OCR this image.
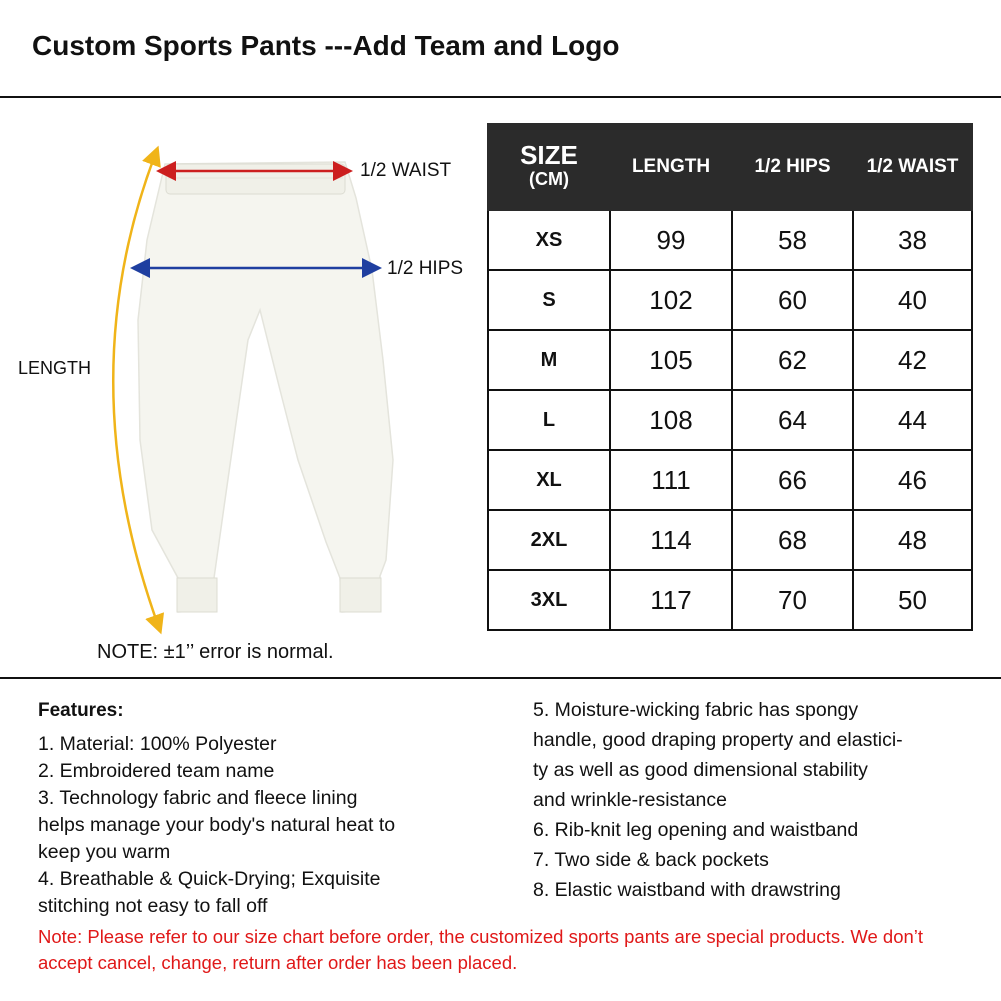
Custom Sports Pants ---Add Team and Logo
1/2 WAIST
1/2 HIPS
LENGTH
NOTE: ±1’’ error is normal.
SIZE
(CM)	LENGTH	1/2 HIPS	1/2 WAIST
XS	99	58	38
S	102	60	40
M	105	62	42
L	108	64	44
XL	111	66	46
2XL	114	68	48
3XL	117	70	50
Features:
1. Material: 100% Polyester
2. Embroidered team name
3. Technology fabric and fleece lining
helps manage your body's natural heat to
keep you warm
4. Breathable & Quick-Drying; Exquisite
stitching not easy to fall off
5. Moisture-wicking fabric has spongy
handle, good draping property and elastici-
ty as well as good dimensional stability
and wrinkle-resistance
6. Rib-knit leg opening and waistband
7. Two side & back pockets
8. Elastic waistband with drawstring
Note: Please refer to our size chart before order, the customized sports pants are special products. We don’t accept cancel, change, return after order has been placed.
